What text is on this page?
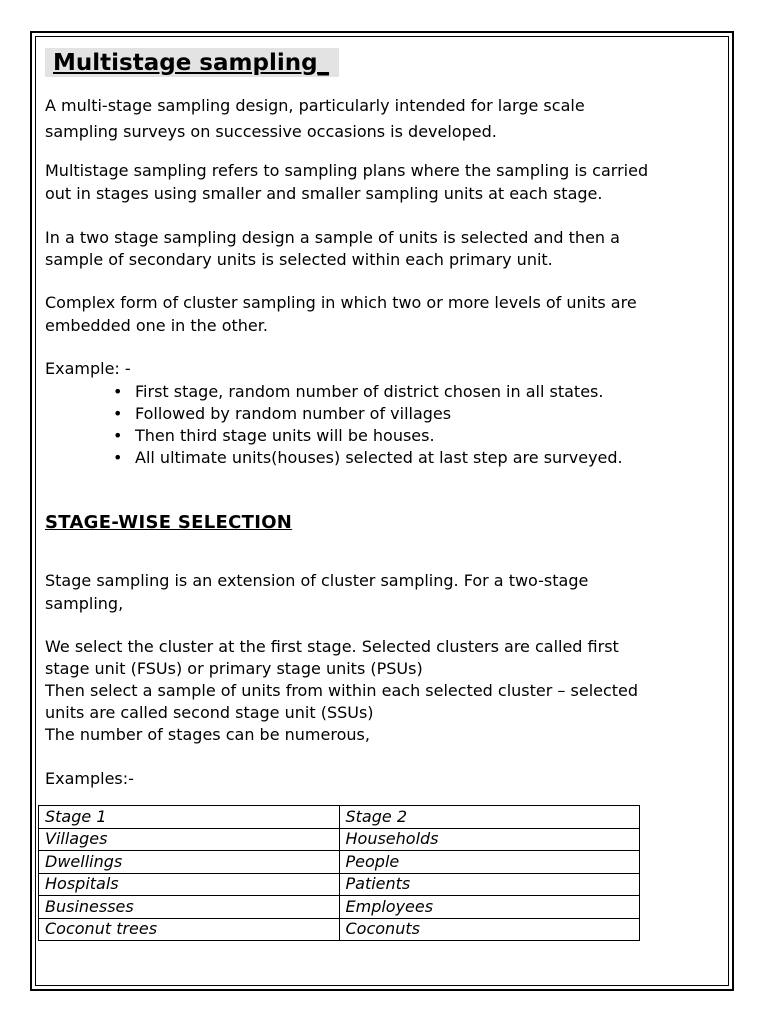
Multistage sampling_
A multi-stage sampling design, particularly intended for large scale
sampling surveys on successive occasions is developed.
Multistage sampling refers to sampling plans where the sampling is carried
out in stages using smaller and smaller sampling units at each stage.
In a two stage sampling design a sample of units is selected and then a
sample of secondary units is selected within each primary unit.
Complex form of cluster sampling in which two or more levels of units are
embedded one in the other.
Example: -
• First stage, random number of district chosen in all states.
• Followed by random number of villages
• Then third stage units will be houses.
• All ultimate units(houses) selected at last step are surveyed.
STAGE-WISE SELECTION
Stage sampling is an extension of cluster sampling. For a two-stage
sampling,
We select the cluster at the first stage. Selected clusters are called first
stage unit (FSUs) or primary stage units (PSUs)
Then select a sample of units from within each selected cluster – selected
units are called second stage unit (SSUs)
The number of stages can be numerous,
Examples:-
Stage 1	Stage 2
Villages	Households
Dwellings	People
Hospitals	Patients
Businesses	Employees
Coconut trees	Coconuts
